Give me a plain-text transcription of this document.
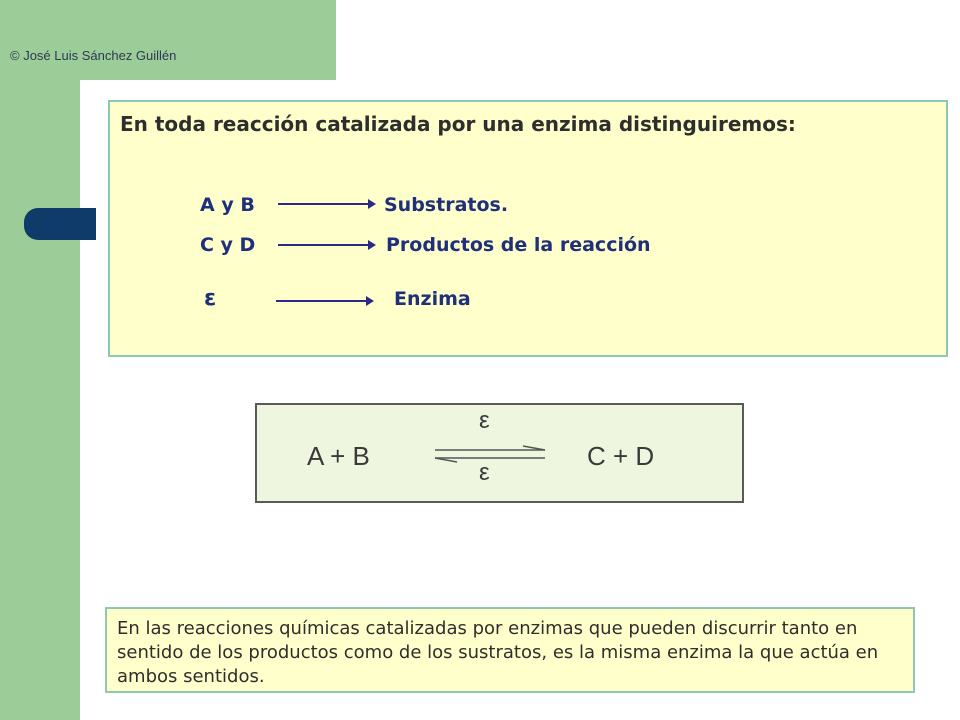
© José Luis Sánchez Guillén
En toda reacción catalizada por una enzima distinguiremos:
A y B	Substratos.
C y D	Productos de la reacción
ε	Enzima
A + B
ε
ε
C + D

En las reacciones químicas catalizadas por enzimas que pueden discurrir tanto en sentido de los productos como de los sustratos, es la misma enzima la que actúa en ambos sentidos.
